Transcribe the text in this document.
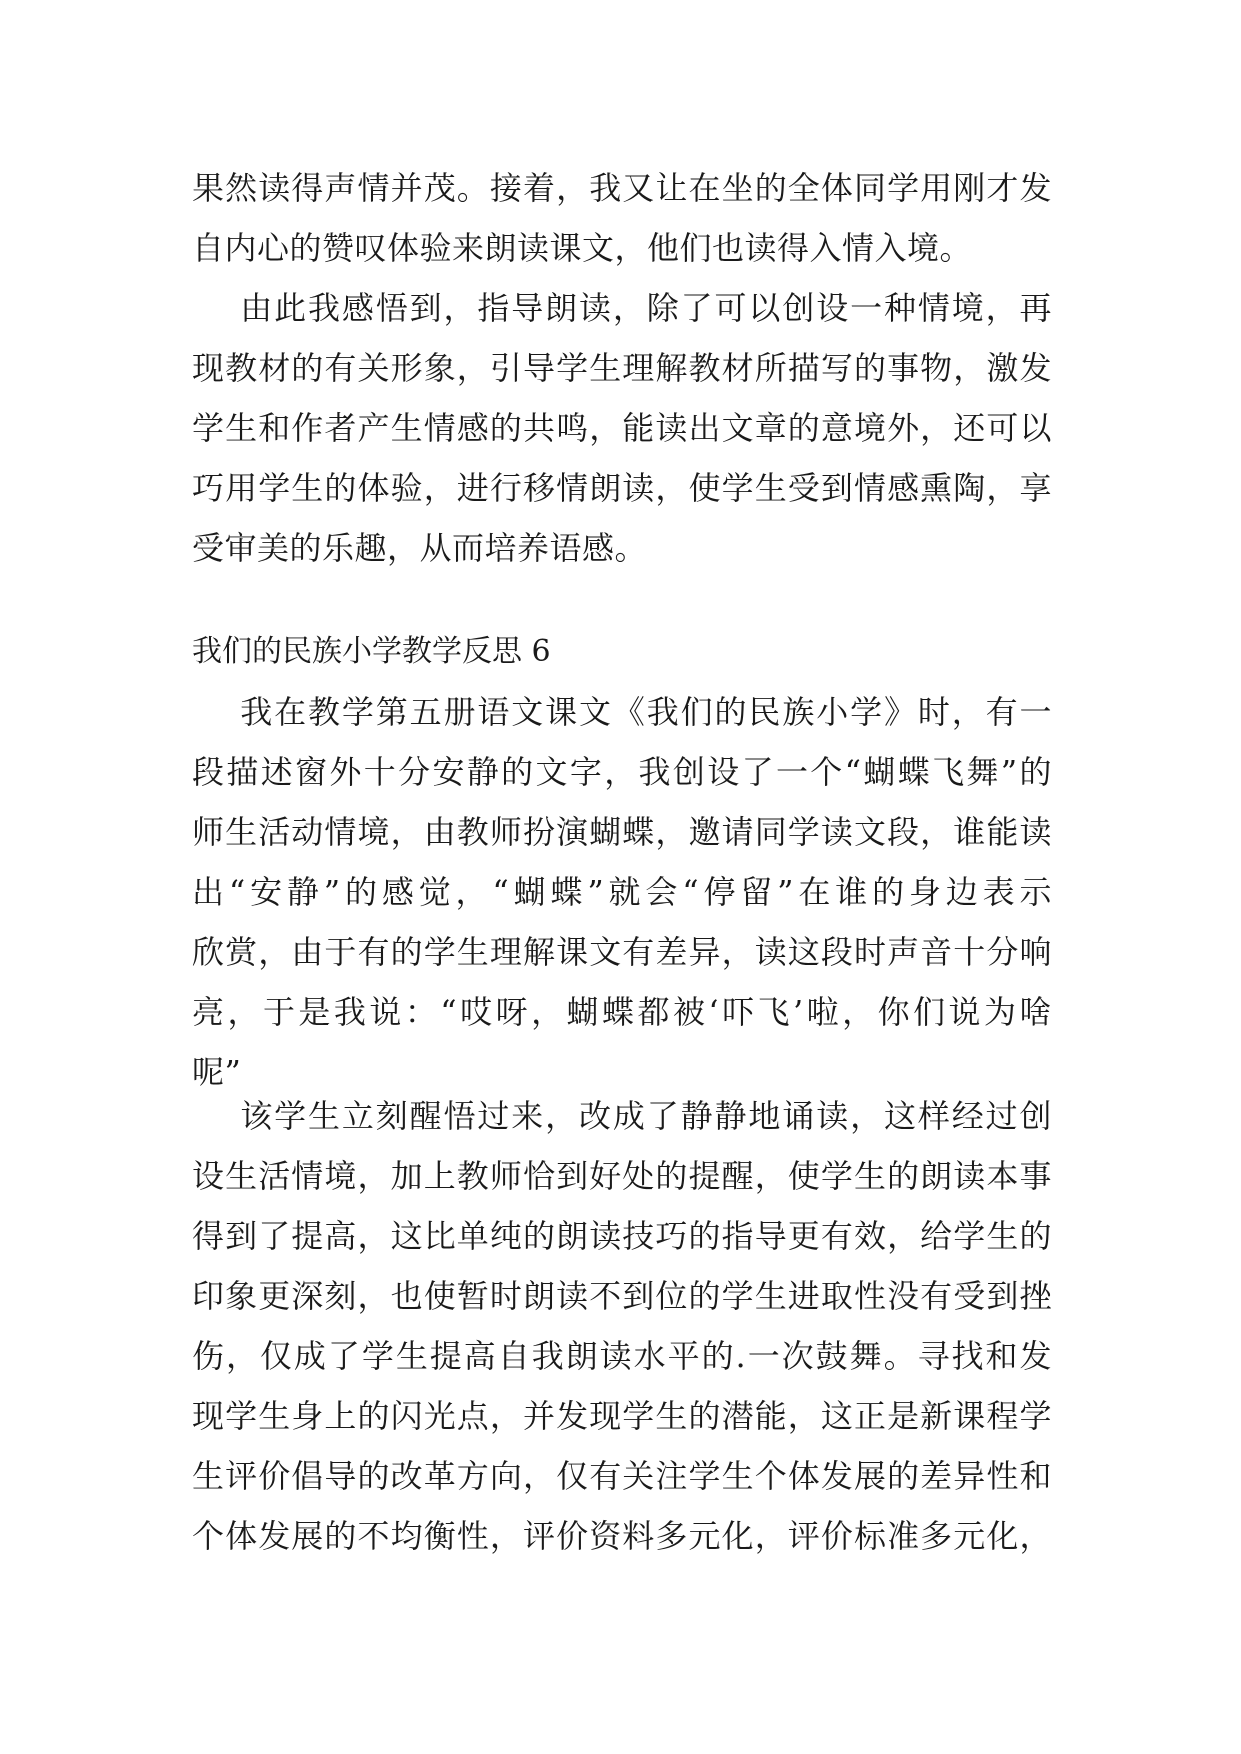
果然读得声情并茂。接着，我又让在坐的全体同学用刚才发
自内心的赞叹体验来朗读课文，他们也读得入情入境。
由此我感悟到，指导朗读，除了可以创设一种情境，再
现教材的有关形象，引导学生理解教材所描写的事物，激发
学生和作者产生情感的共鸣，能读出文章的意境外，还可以
巧用学生的体验，进行移情朗读，使学生受到情感熏陶，享
受审美的乐趣，从而培养语感。
我们的民族小学教学反思 6
我在教学第五册语文课文《我们的民族小学》时，有一
段描述窗外十分安静的文字，我创设了一个“蝴蝶飞舞”的
师生活动情境，由教师扮演蝴蝶，邀请同学读文段，谁能读
出“安静”的感觉，“蝴蝶”就会“停留”在谁的身边表示
欣赏，由于有的学生理解课文有差异，读这段时声音十分响
亮，于是我说：“哎呀，蝴蝶都被‘吓飞’啦，你们说为啥
呢”
该学生立刻醒悟过来，改成了静静地诵读，这样经过创
设生活情境，加上教师恰到好处的提醒，使学生的朗读本事
得到了提高，这比单纯的朗读技巧的指导更有效，给学生的
印象更深刻，也使暂时朗读不到位的学生进取性没有受到挫
伤，仅成了学生提高自我朗读水平的.一次鼓舞。寻找和发
现学生身上的闪光点，并发现学生的潜能，这正是新课程学
生评价倡导的改革方向，仅有关注学生个体发展的差异性和
个体发展的不均衡性，评价资料多元化，评价标准多元化，
